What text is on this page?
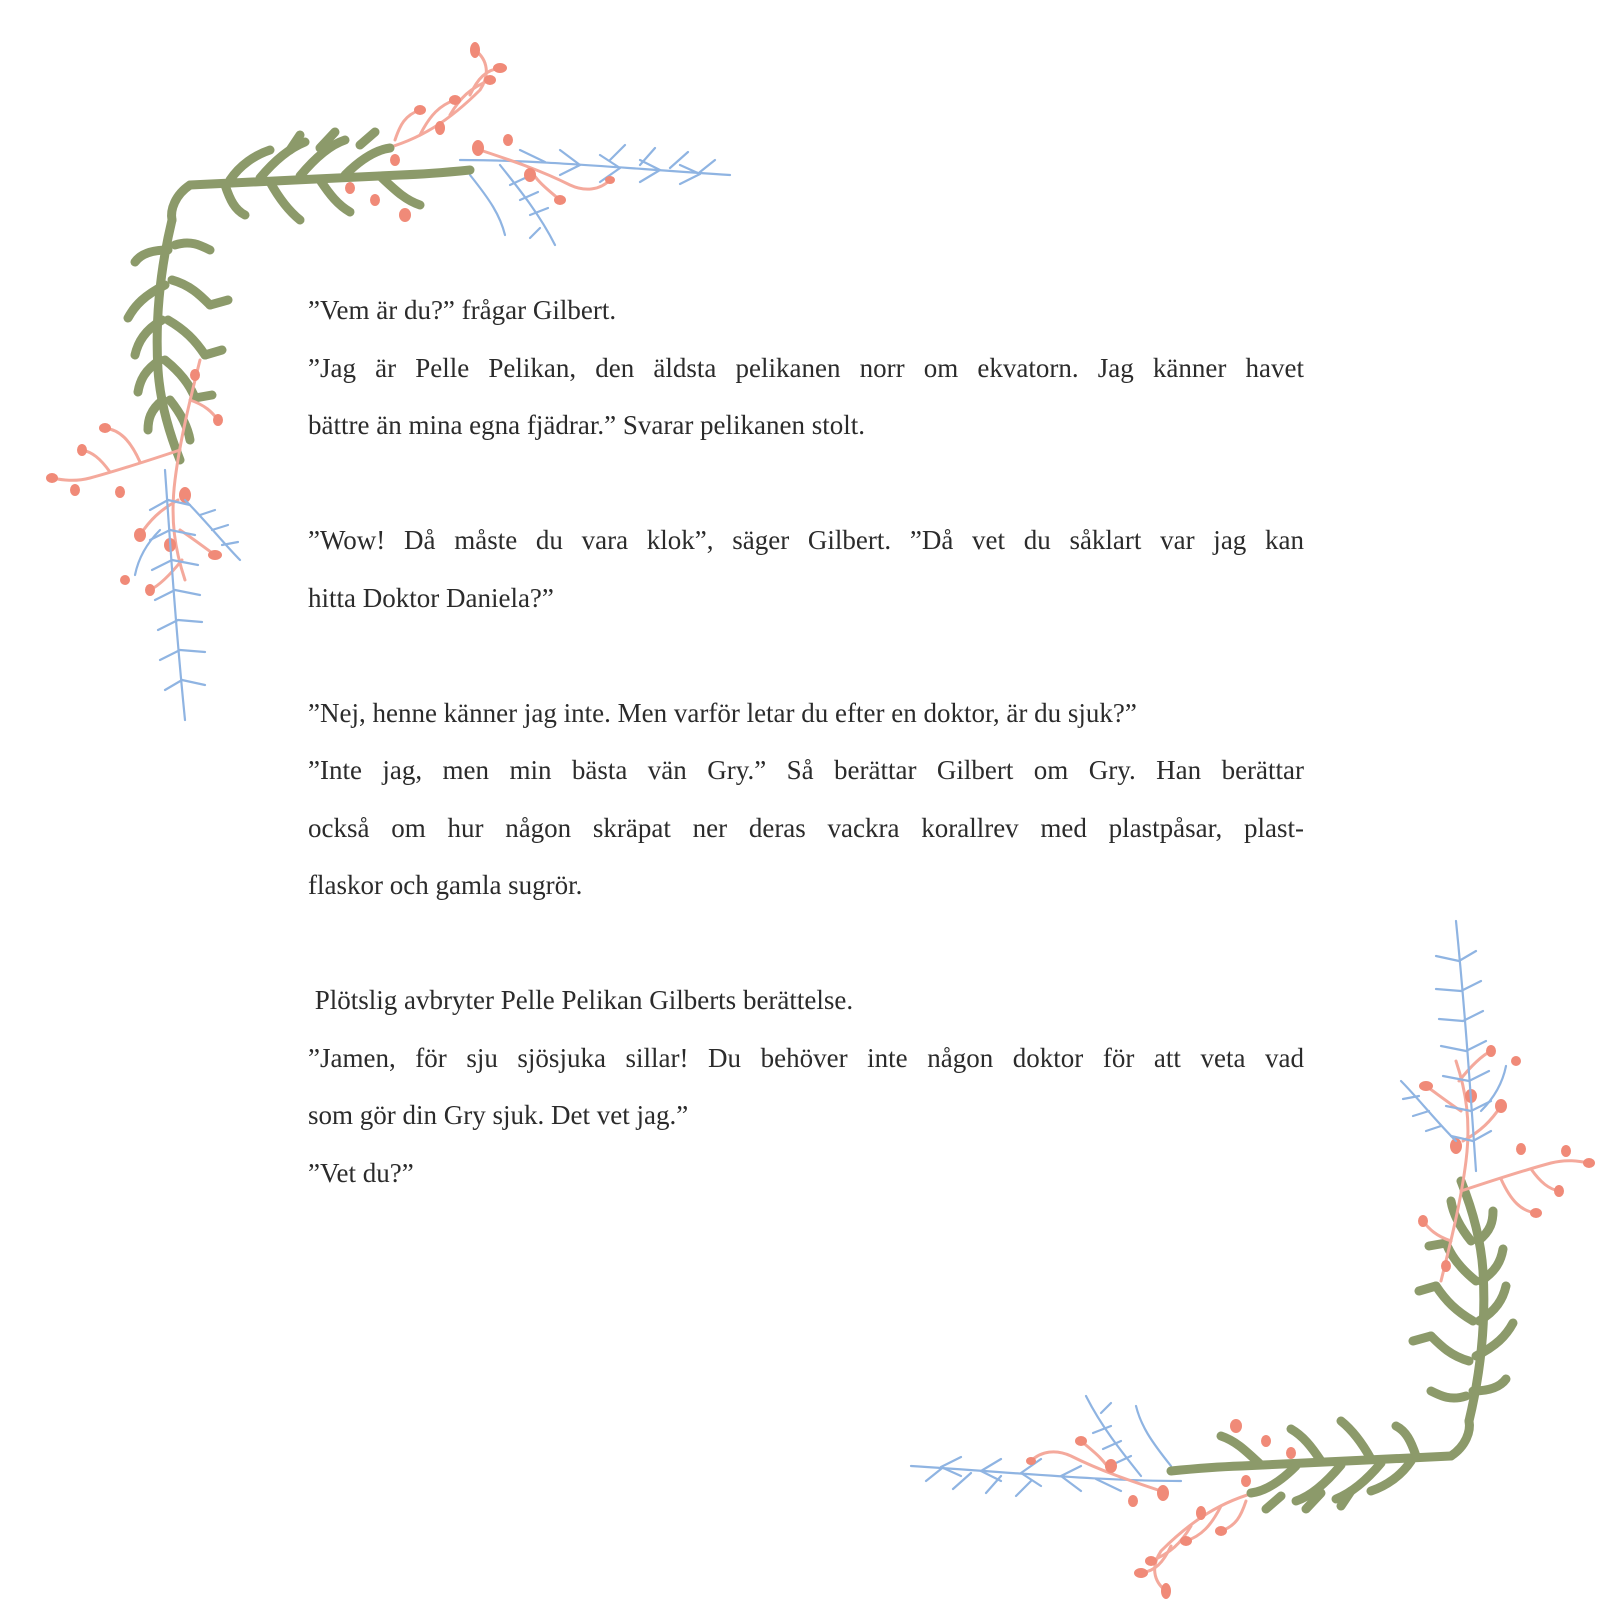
”Vem är du?” frågar Gilbert.
”Jag är Pelle Pelikan, den äldsta pelikanen norr om ekvatorn. Jag känner havet
bättre än mina egna fjädrar.” Svarar pelikanen stolt.
”Wow! Då måste du vara klok”, säger Gilbert. ”Då vet du såklart var jag kan
hitta Doktor Daniela?”
”Nej, henne känner jag inte. Men varför letar du efter en doktor, är du sjuk?”
”Inte jag, men min bästa vän Gry.” Så berättar Gilbert om Gry. Han berättar
också om hur någon skräpat ner deras vackra korallrev med plastpåsar, plast-
flaskor och gamla sugrör.
Plötslig avbryter Pelle Pelikan Gilberts berättelse.
”Jamen, för sju sjösjuka sillar! Du behöver inte någon doktor för att veta vad
som gör din Gry sjuk. Det vet jag.”
”Vet du?”
